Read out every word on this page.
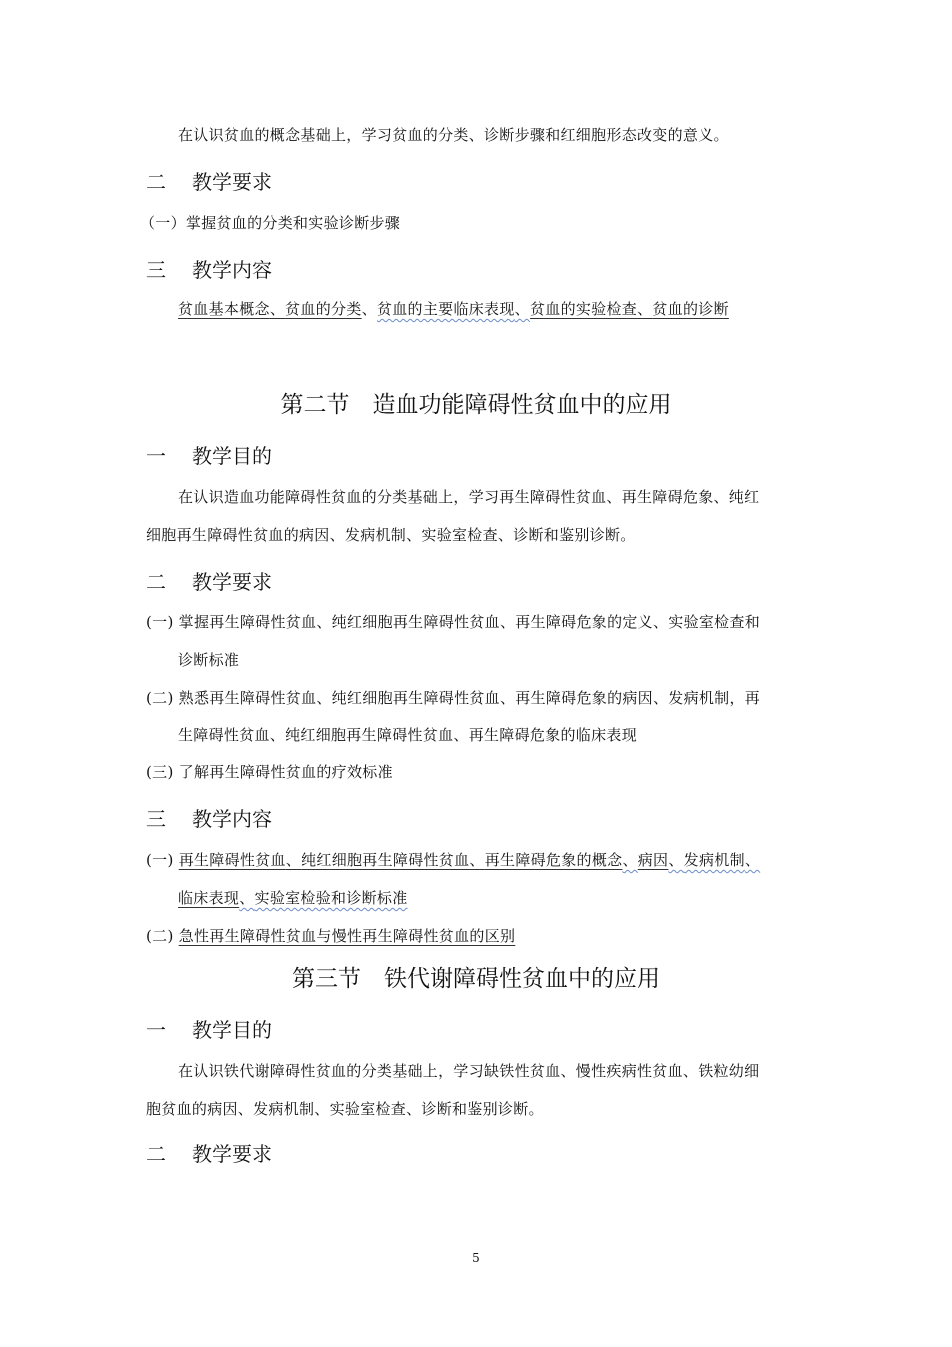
在认识贫血的概念基础上，学习贫血的分类、诊断步骤和红细胞形态改变的意义。
二 教学要求
（一）掌握贫血的分类和实验诊断步骤
三 教学内容
贫血基本概念、贫血的分类、贫血的主要临床表现、贫血的实验检查、贫血的诊断
第二节　造血功能障碍性贫血中的应用
一 教学目的
在认识造血功能障碍性贫血的分类基础上，学习再生障碍性贫血、再生障碍危象、纯红
细胞再生障碍性贫血的病因、发病机制、实验室检查、诊断和鉴别诊断。
二 教学要求
(一) 掌握再生障碍性贫血、纯红细胞再生障碍性贫血、再生障碍危象的定义、实验室检查和
诊断标准
(二) 熟悉再生障碍性贫血、纯红细胞再生障碍性贫血、再生障碍危象的病因、发病机制，再
生障碍性贫血、纯红细胞再生障碍性贫血、再生障碍危象的临床表现
(三) 了解再生障碍性贫血的疗效标准
三 教学内容
(一) 再生障碍性贫血、纯红细胞再生障碍性贫血、再生障碍危象的概念、病因、发病机制、
临床表现、实验室检验和诊断标准
(二) 急性再生障碍性贫血与慢性再生障碍性贫血的区别
第三节　铁代谢障碍性贫血中的应用
一 教学目的
在认识铁代谢障碍性贫血的分类基础上，学习缺铁性贫血、慢性疾病性贫血、铁粒幼细
胞贫血的病因、发病机制、实验室检查、诊断和鉴别诊断。
二 教学要求
5
